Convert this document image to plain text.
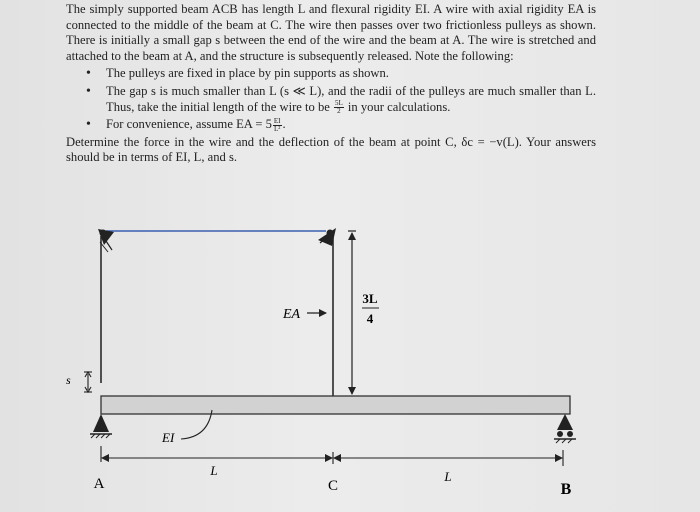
The simply supported beam ACB has length L and flexural rigidity EI. A wire with axial rigidity EA is connected to the middle of the beam at C. The wire then passes over two frictionless pulleys as shown. There is initially a small gap s between the end of the wire and the beam at A. The wire is stretched and attached to the beam at A, and the structure is subsequently released. Note the following:

• The pulleys are fixed in place by pin supports as shown.
• The gap s is much smaller than L (s ≪ L), and the radii of the pulleys are much smaller than L. Thus, take the initial length of the wire to be $\frac{5L}{2}$ in your calculations.
• For convenience, assume EA = $5 \frac{EI}{\text{L²}}$ .

Determine the force in the wire and the deflection of the beam at point C, δc = −v(L). Your answers should be in terms of EI, L, and s.

3L
4
EA
s
EI
L	L
A	C	B
